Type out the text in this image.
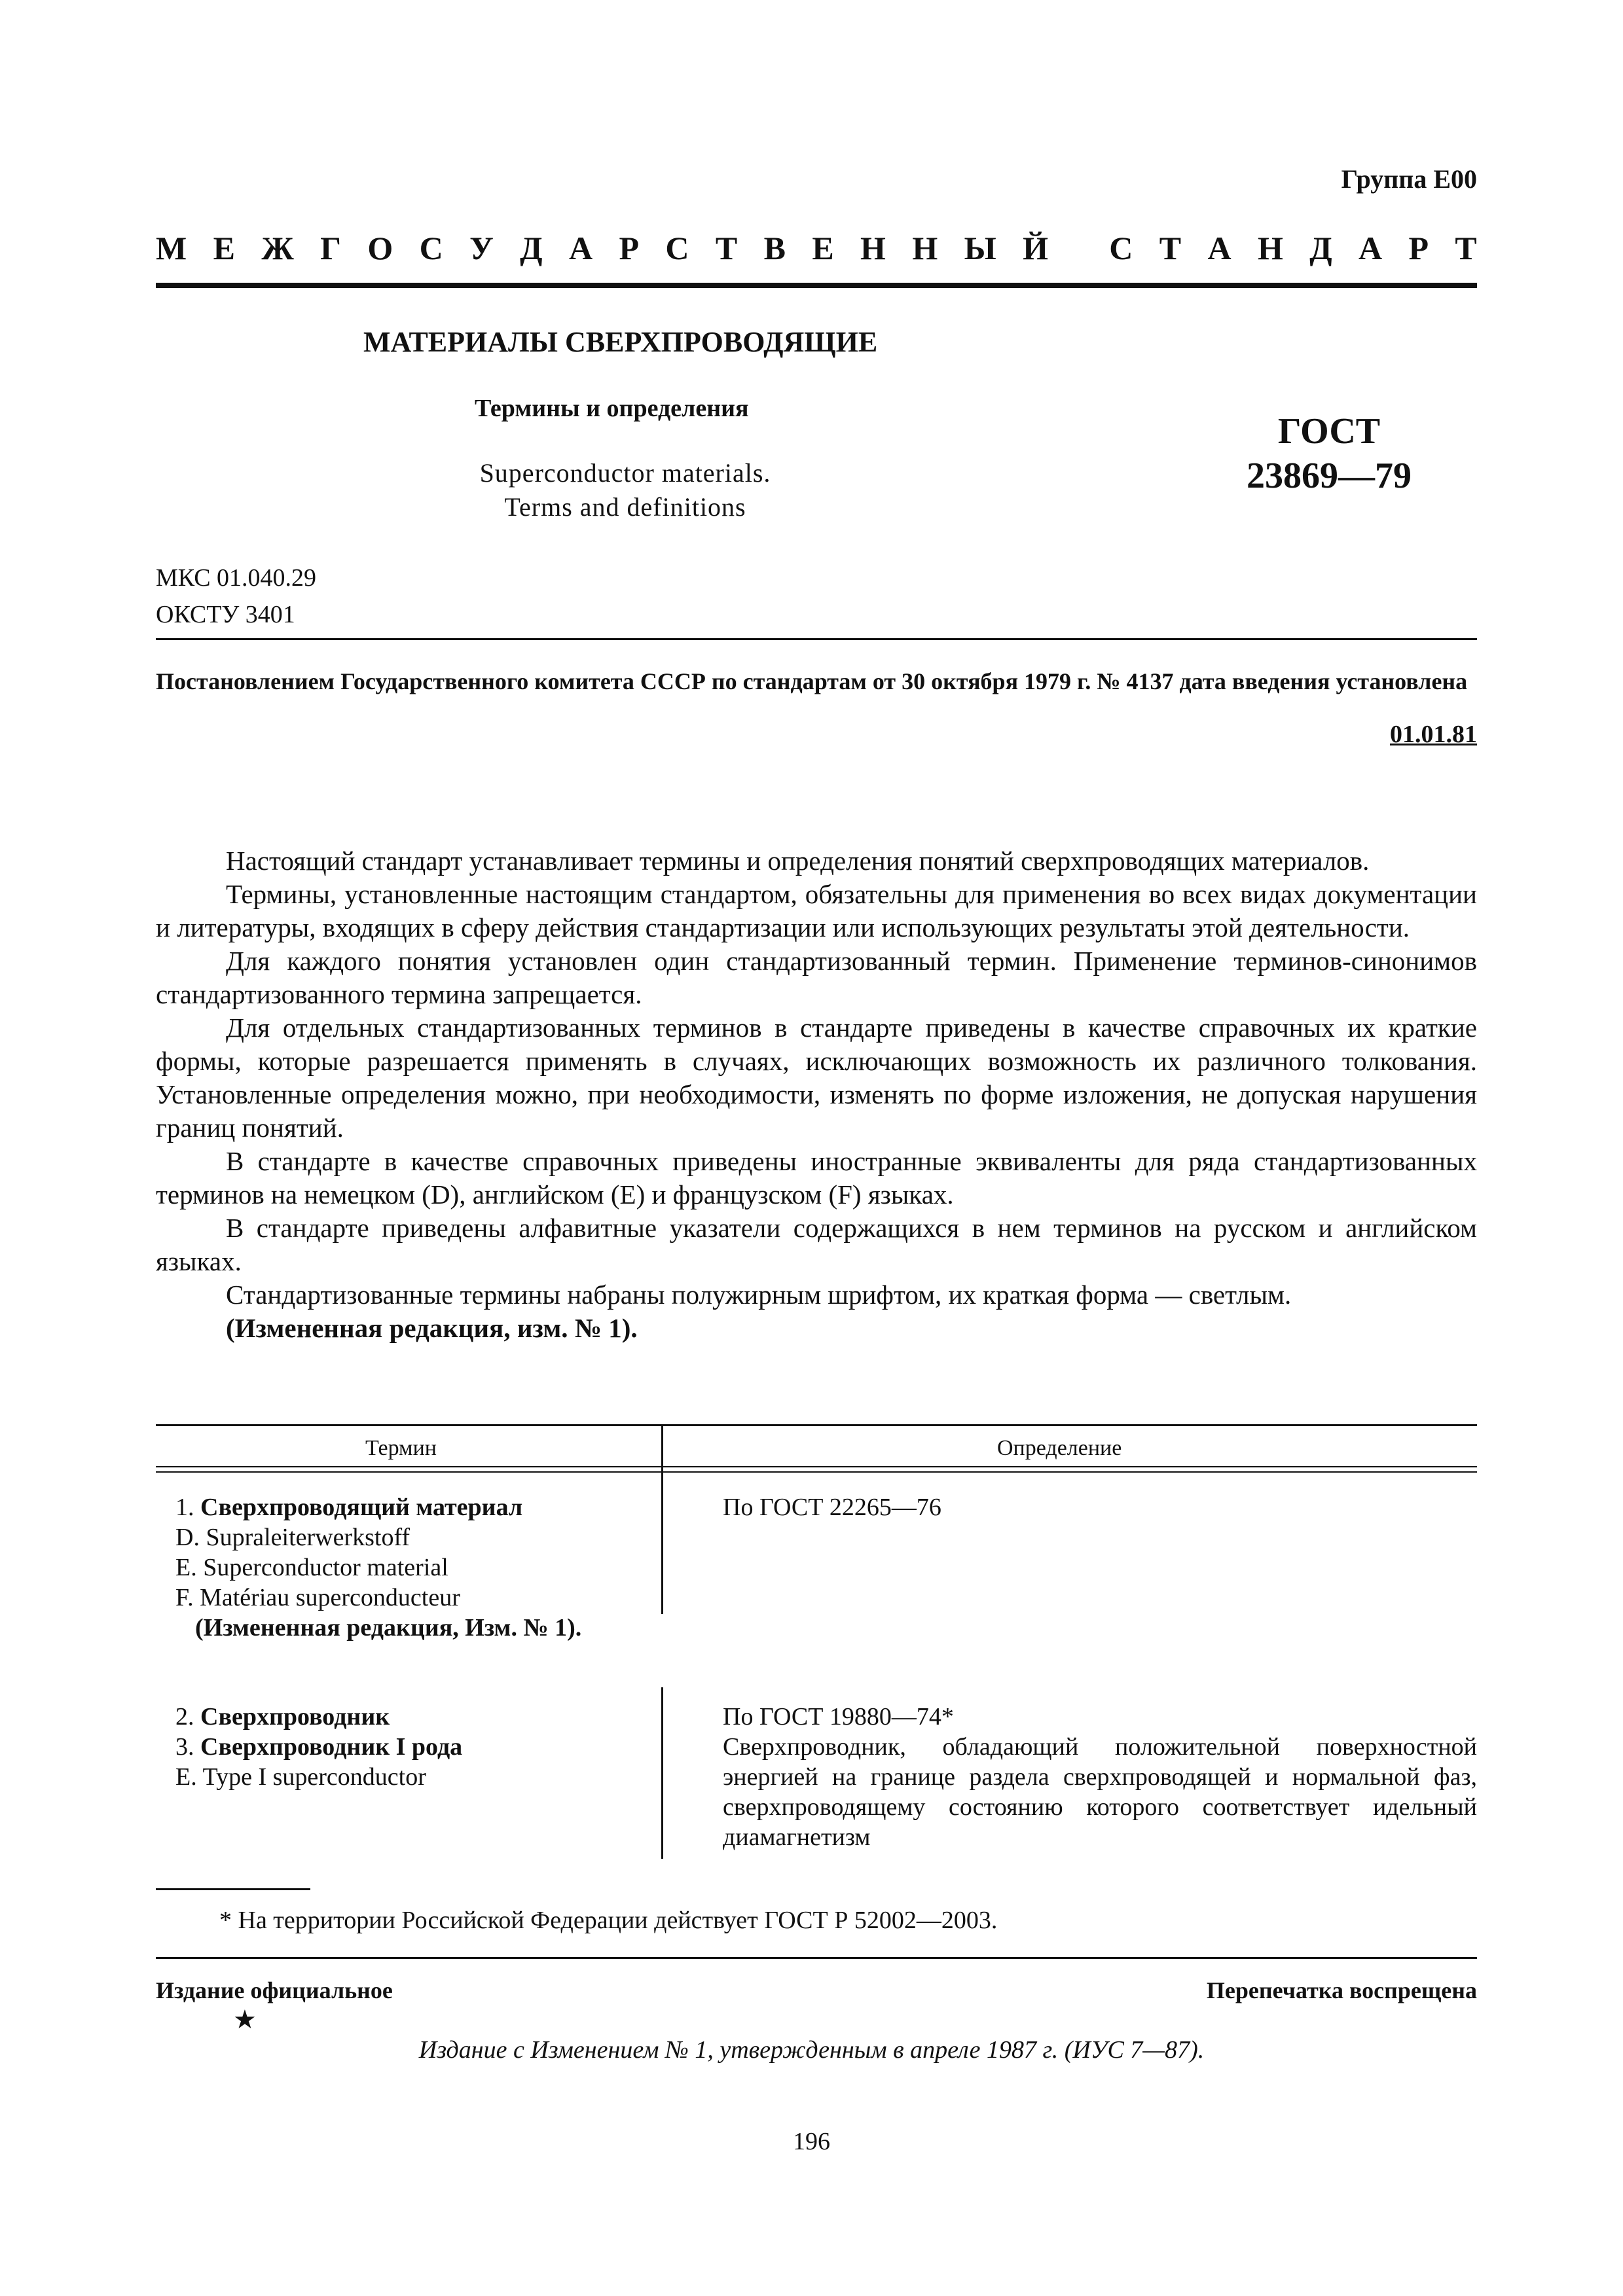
Группа Е00
М Е Ж Г О С У Д А Р С Т В Е Н Н Ы Й
С Т А Н Д А Р Т
МАТЕРИАЛЫ СВЕРХПРОВОДЯЩИЕ
Термины и определения
Superconductor materials.
Terms and definitions
ГОСТ
23869—79
МКС 01.040.29
ОКСТУ 3401
Постановлением Государственного комитета СССР по стандартам от 30 октября 1979 г. № 4137 дата введения установлена
01.01.81

Настоящий стандарт устанавливает термины и определения понятий сверхпроводящих материалов.

Термины, установленные настоящим стандартом, обязательны для применения во всех видах документации и литературы, входящих в сферу действия стандартизации или использующих результаты этой деятельности.

Для каждого понятия установлен один стандартизованный термин. Применение терминов-синонимов стандартизованного термина запрещается.

Для отдельных стандартизованных терминов в стандарте приведены в качестве справочных их краткие формы, которые разрешается применять в случаях, исключающих возможность их различного толкования. Установленные определения можно, при необходимости, изменять по форме изложения, не допуская нарушения границ понятий.

В стандарте в качестве справочных приведены иностранные эквиваленты для ряда стандартизованных терминов на немецком (D), английском (E) и французском (F) языках.

В стандарте приведены алфавитные указатели содержащихся в нем терминов на русском и английском языках.

Стандартизованные термины набраны полужирным шрифтом, их краткая форма — светлым.

(Измененная редакция, изм. № 1).

Термин	Определение
1. Сверхпроводящий материал
D. Supraleiterwerkstoff
E. Superconductor material
F. Matériau superconducteur
(Измененная редакция, Изм. № 1).
По ГОСТ 22265—76
2. Сверхпроводник
3. Сверхпроводник I рода
E. Type I superconductor
По ГОСТ 19880—74*
Сверхпроводник, обладающий положительной поверхностной энергией на границе раздела сверхпроводящей и нормальной фаз, сверхпроводящему состоянию которого соответствует идельный диамагнетизм
* На территории Российской Федерации действует ГОСТ Р 52002—2003.
Издание официальное	Перепечатка воспрещена
★
Издание с Изменением № 1, утвержденным в апреле 1987 г. (ИУС 7—87).
196
